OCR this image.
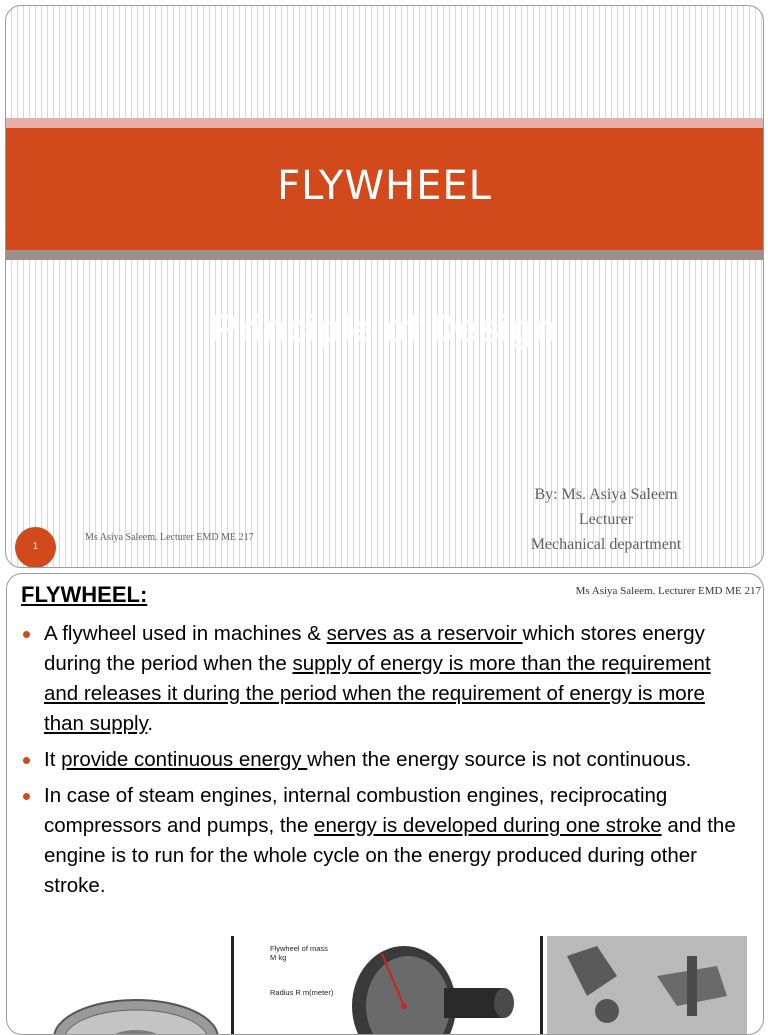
FLYWHEEL
Principle of Design
By: Ms. Asiya Saleem
Lecturer
Mechanical department
Ms Asiya Saleem. Lecturer EMD ME 217
1
FLYWHEEL:	Ms Asiya Saleem. Lecturer EMD ME 217
A flywheel used in machines & serves as a reservoir which stores energy during the period when the supply of energy is more than the requirement and releases it during the period when the requirement of energy is more than supply.
It provide continuous energy when the energy source is not continuous.
In case of steam engines, internal combustion engines, reciprocating compressors and pumps, the energy is developed during one stroke and the engine is to run for the whole cycle on the energy produced during other stroke.
Flywheel of mass M kg
Radius R m(meter)
